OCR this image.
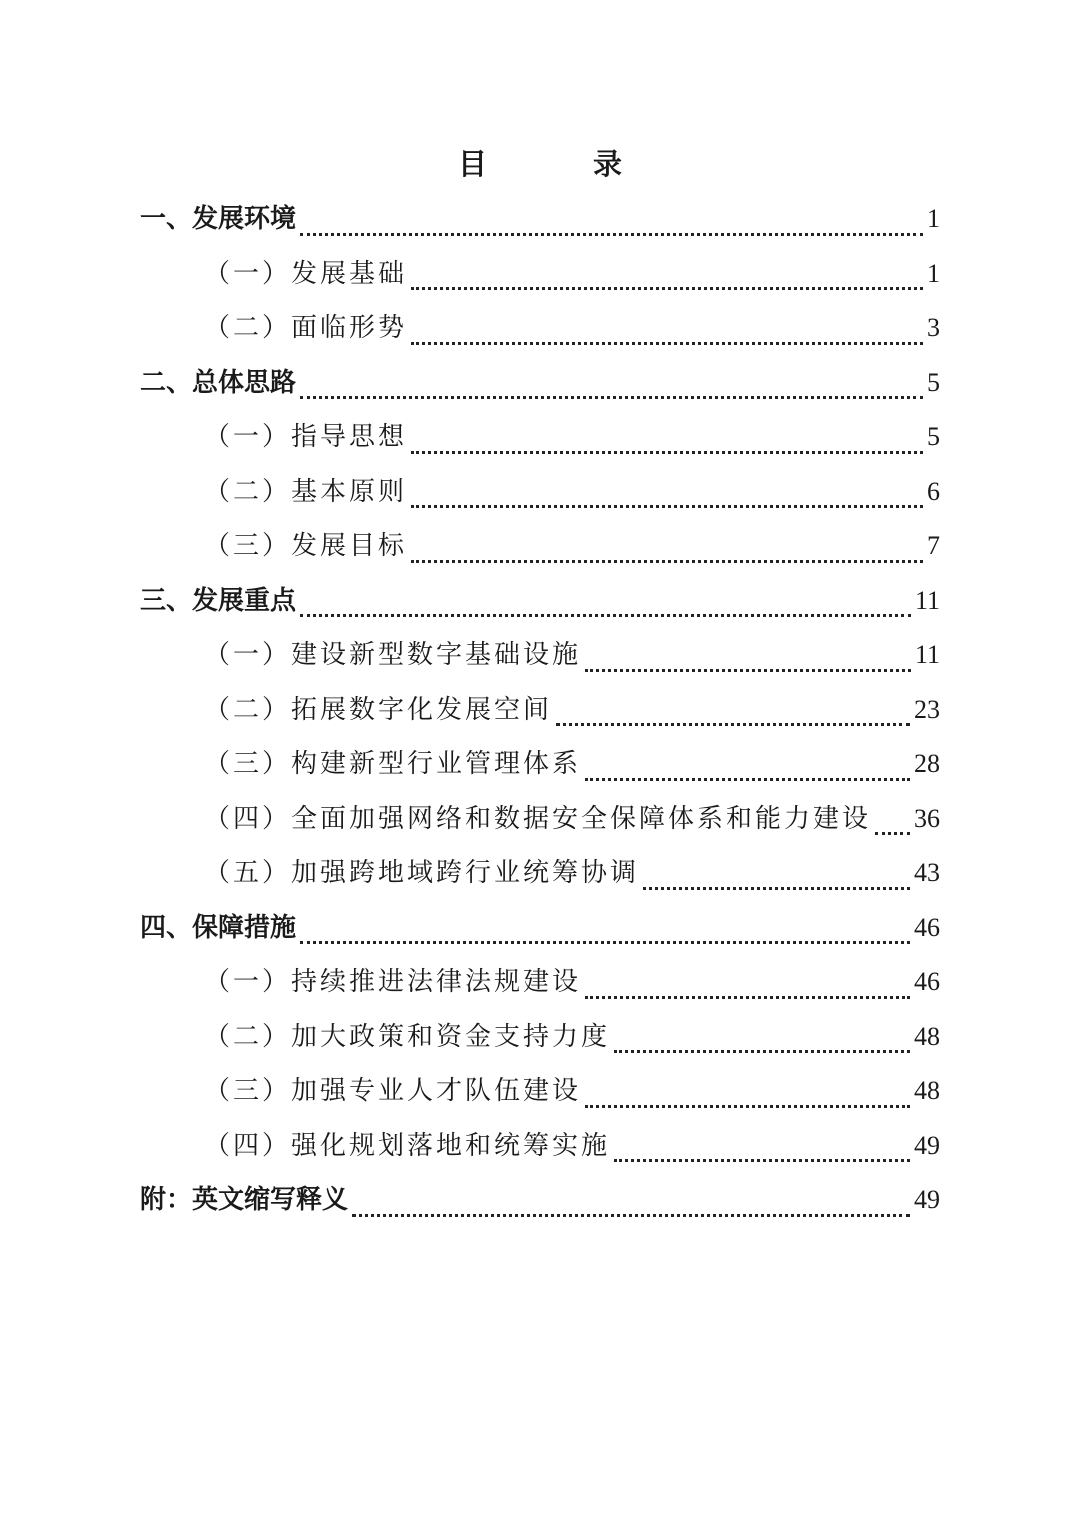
目 录
一、发展环境	1
（一）发展基础	1
（二）面临形势	3
二、总体思路	5
（一）指导思想	5
（二）基本原则	6
（三）发展目标	7
三、发展重点	11
（一）建设新型数字基础设施	11
（二）拓展数字化发展空间	23
（三）构建新型行业管理体系	28
（四）全面加强网络和数据安全保障体系和能力建设 36
（五）加强跨地域跨行业统筹协调	43
四、保障措施	46
（一）持续推进法律法规建设	46
（二）加大政策和资金支持力度	48
（三）加强专业人才队伍建设	48
（四）强化规划落地和统筹实施	49
附：英文缩写释义	49
